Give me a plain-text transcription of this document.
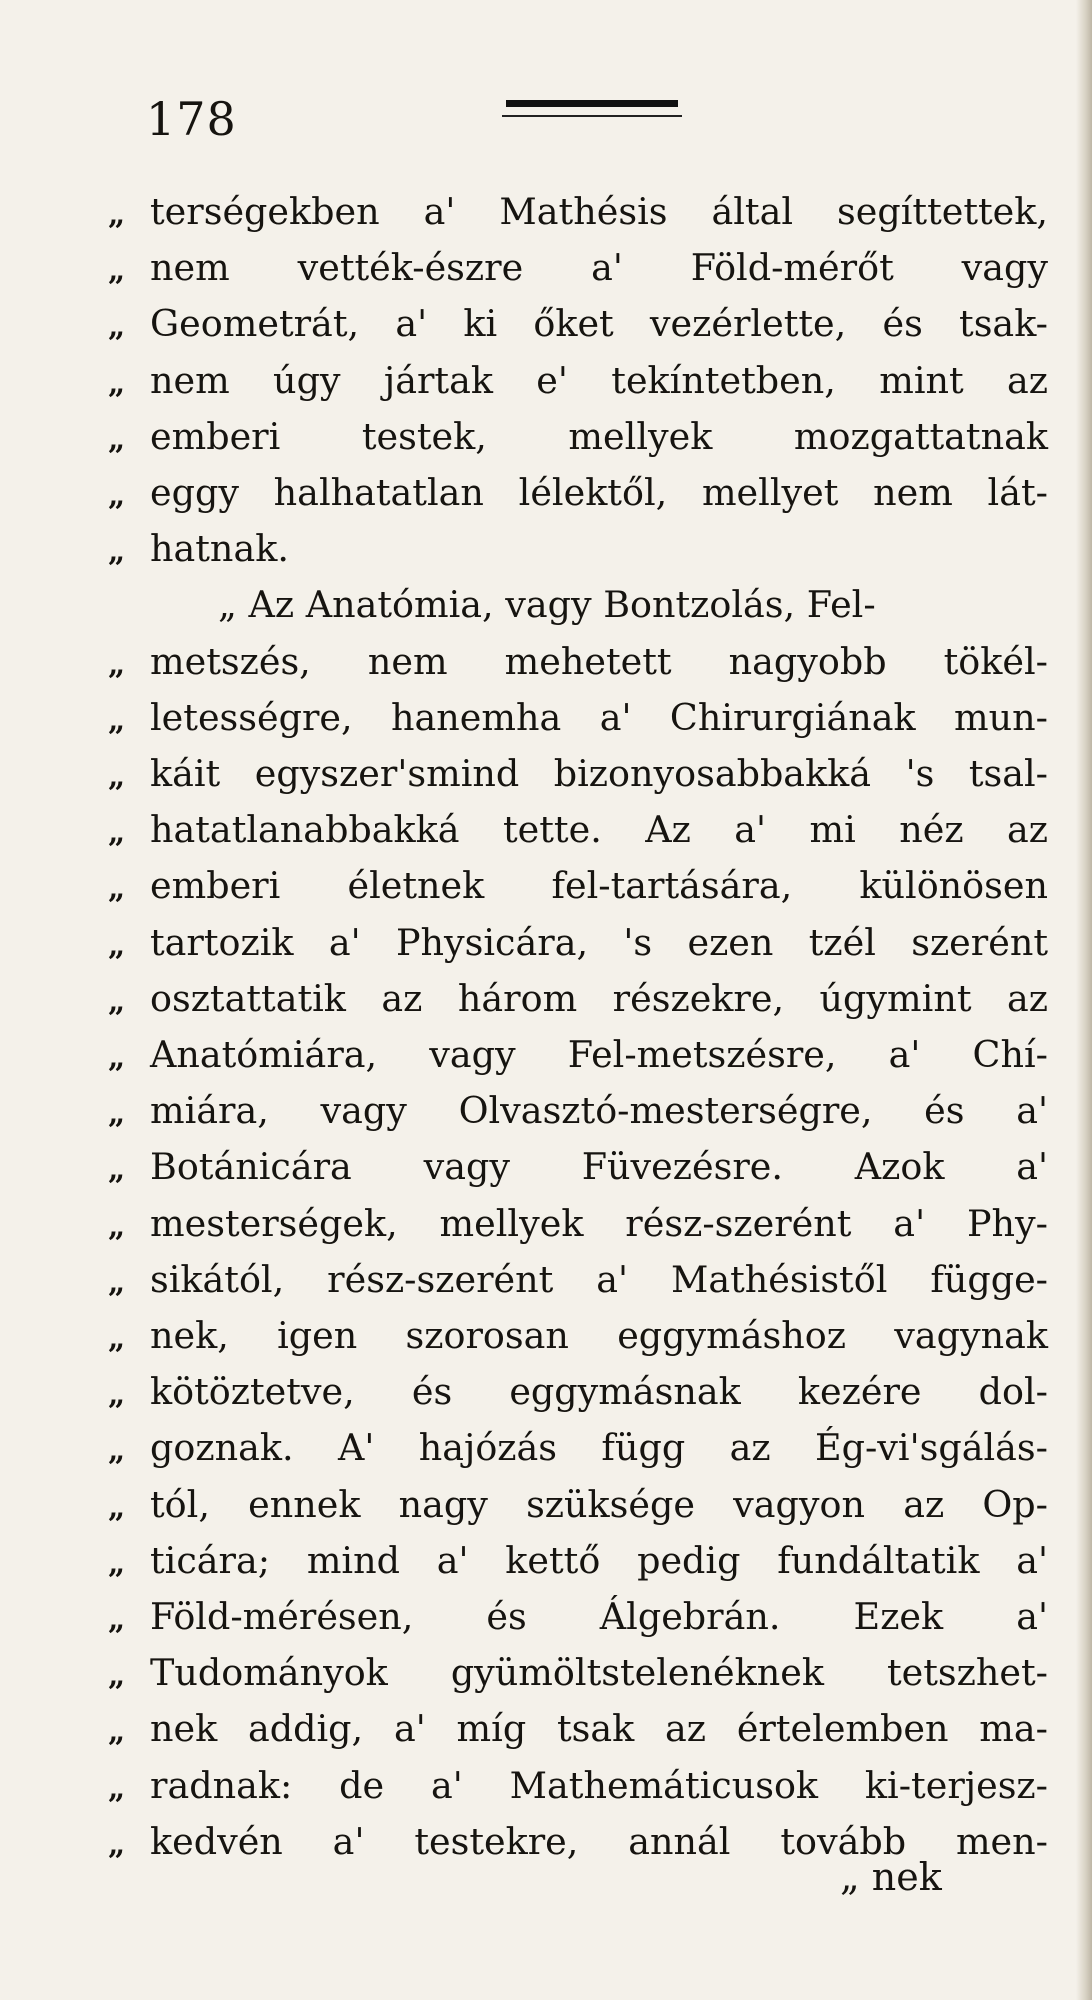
178
„ terségekben a' Mathésis által segíttettek,
„ nem vették-észre a' Föld-mérőt vagy
„ Geometrát, a' ki őket vezérlette, és tsak-
„ nem úgy jártak e' tekíntetben, mint az
„ emberi testek, mellyek mozgattatnak
„ eggy halhatatlan lélektől, mellyet nem lát-
„ hatnak.
„ Az Anatómia, vagy Bontzolás, Fel-
„ metszés, nem mehetett nagyobb tökél-
„ letességre, hanemha a' Chirurgiának mun-
„ káit egyszer'smind bizonyosabbakká 's tsal-
„ hatatlanabbakká tette. Az a' mi néz az
„ emberi életnek fel-tartására, különösen
„ tartozik a' Physicára, 's ezen tzél szerént
„ osztattatik az három részekre, úgymint az
„ Anatómiára, vagy Fel-metszésre, a' Chí-
„ miára, vagy Olvasztó-mesterségre, és a'
„ Botánicára vagy Füvezésre. Azok a'
„ mesterségek, mellyek rész-szerént a' Phy-
„ sikától, rész-szerént a' Mathésistől függe-
„ nek, igen szorosan eggymáshoz vagynak
„ kötöztetve, és eggymásnak kezére dol-
„ goznak. A' hajózás függ az Ég-vi'sgálás-
„ tól, ennek nagy szüksége vagyon az Op-
„ ticára; mind a' kettő pedig fundáltatik a'
„ Föld-mérésen, és Álgebrán. Ezek a'
„ Tudományok gyümöltstelenéknek tetszhet-
„ nek addig, a' míg tsak az értelemben ma-
„ radnak: de a' Mathemáticusok ki-terjesz-
„ kedvén a' testekre, annál tovább men-
„ nek
